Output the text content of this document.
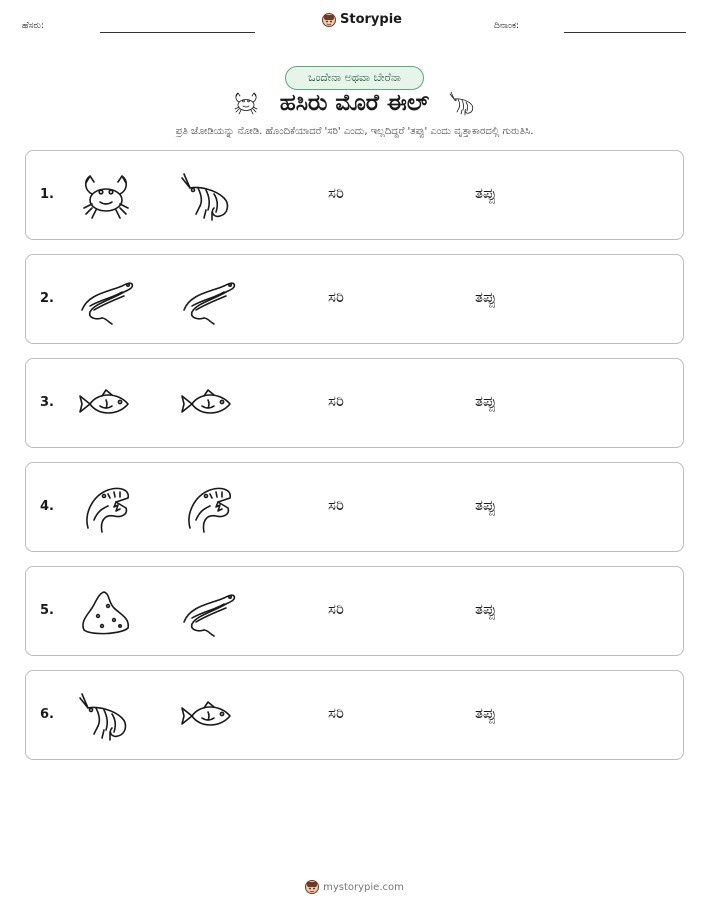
ಹೆಸರು:	Storypie	ದಿನಾಂಕ:
ಒಂದೇನಾ ಅಥವಾ ಬೇರೆನಾ
ಹಸಿರು ಮೊರೆ ಈಲ್
ಪ್ರತಿ ಜೋಡಿಯನ್ನು ನೋಡಿ. ಹೊಂದಿಕೆಯಾದರೆ 'ಸರಿ' ಎಂದು, ಇಲ್ಲದಿದ್ದರೆ 'ತಪ್ಪು' ಎಂದು ವೃತ್ತಾಕಾರದಲ್ಲಿ ಗುರುತಿಸಿ.
1.	ಸರಿ	ತಪ್ಪು
2.	ಸರಿ	ತಪ್ಪು
3.	ಸರಿ	ತಪ್ಪು
4.	ಸರಿ	ತಪ್ಪು
5.	ಸರಿ	ತಪ್ಪು
6.	ಸರಿ	ತಪ್ಪು
mystorypie.com
